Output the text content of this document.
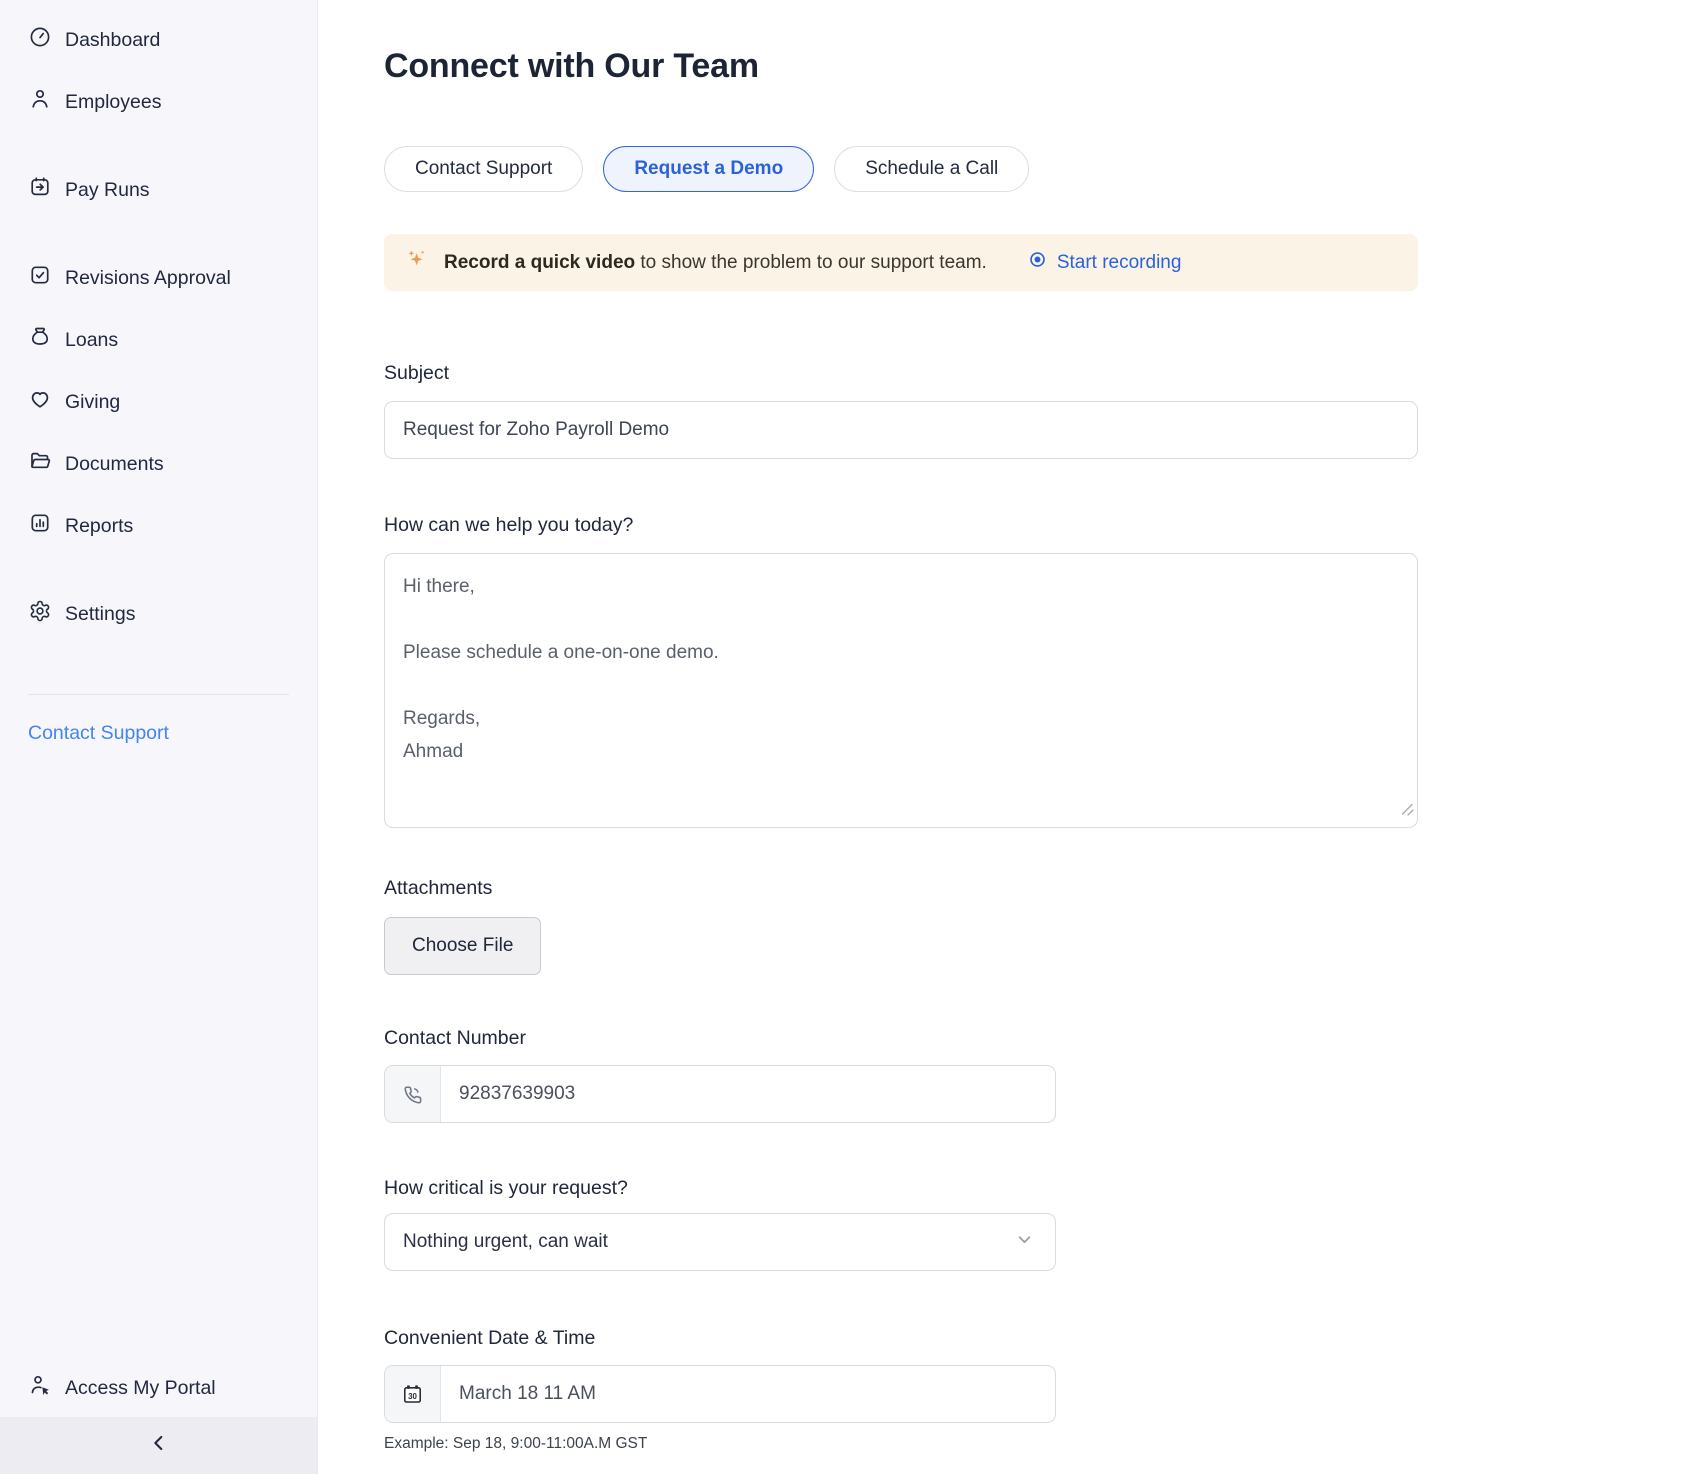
Dashboard
Employees
Pay Runs
Revisions Approval
Loans
Giving
Documents
Reports
Settings
Contact Support
Access My Portal
Connect with Our Team
Contact Support	Request a Demo	Schedule a Call
Record a quick video to show the problem to our support team.	Start recording
Subject
Request for Zoho Payroll Demo
How can we help you today?
Hi there, Please schedule a one-on-one demo. Regards, Ahmad
Attachments
Choose File
Contact Number
92837639903
How critical is your request?
Nothing urgent, can wait
Convenient Date & Time
30
March 18 11 AM
Example: Sep 18, 9:00-11:00A.M GST
